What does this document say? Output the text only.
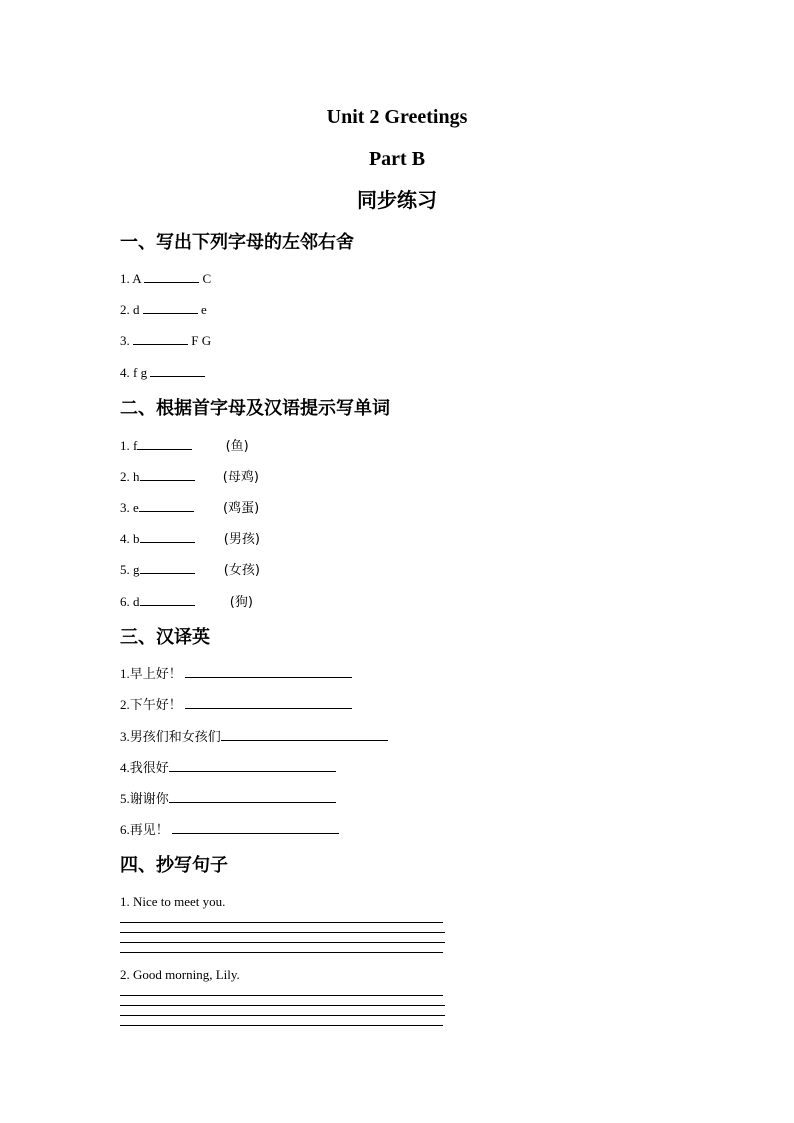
Unit 2 Greetings
Part B
同步练习
一、写出下列字母的左邻右舍
1. A	C
2. d	e
3.	F G
4. f g
二、根据首字母及汉语提示写单词
1. f	(鱼)
2. h	(母鸡)
3. e	(鸡蛋)
4. b	(男孩)
5. g	(女孩)
6. d	(狗)
三、汉译英
1.早上好！
2.下午好！
3.男孩们和女孩们
4.我很好
5.谢谢你
6.再见！
四、抄写句子
1. Nice to meet you.
2. Good morning, Lily.
